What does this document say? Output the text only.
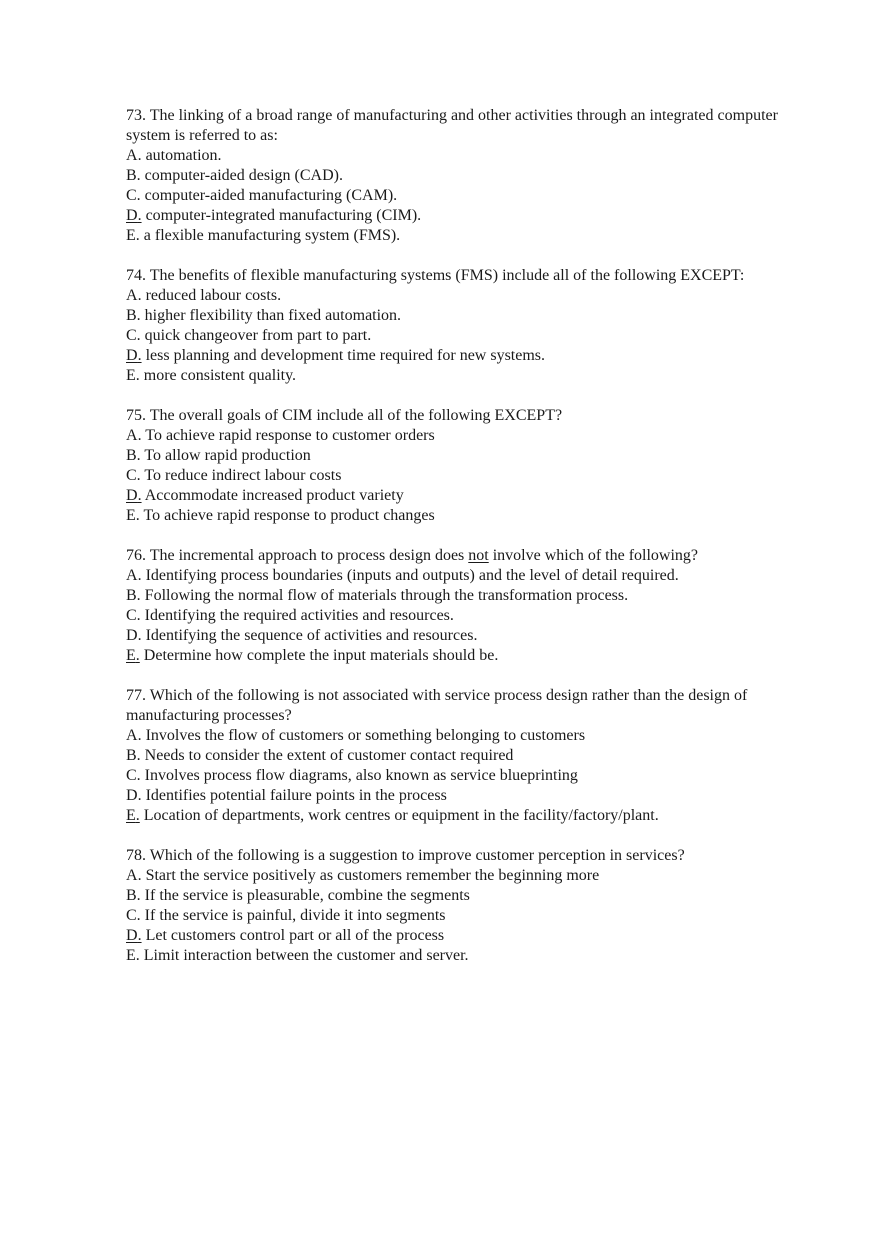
73. The linking of a broad range of manufacturing and other activities through an integrated computer system is referred to as:

A. automation.
B. computer-aided design (CAD).
C. computer-aided manufacturing (CAM).
D. computer-integrated manufacturing (CIM).
E. a flexible manufacturing system (FMS).

74. The benefits of flexible manufacturing systems (FMS) include all of the following EXCEPT:

A. reduced labour costs.
B. higher flexibility than fixed automation.
C. quick changeover from part to part.
D. less planning and development time required for new systems.
E. more consistent quality.

75. The overall goals of CIM include all of the following EXCEPT?

A. To achieve rapid response to customer orders
B. To allow rapid production
C. To reduce indirect labour costs
D. Accommodate increased product variety
E. To achieve rapid response to product changes

76. The incremental approach to process design does not involve which of the following?

A. Identifying process boundaries (inputs and outputs) and the level of detail required.
B. Following the normal flow of materials through the transformation process.
C. Identifying the required activities and resources.
D. Identifying the sequence of activities and resources.
E. Determine how complete the input materials should be.

77. Which of the following is not associated with service process design rather than the design of manufacturing processes?

A. Involves the flow of customers or something belonging to customers
B. Needs to consider the extent of customer contact required
C. Involves process flow diagrams, also known as service blueprinting
D. Identifies potential failure points in the process
E. Location of departments, work centres or equipment in the facility/factory/plant.

78. Which of the following is a suggestion to improve customer perception in services?

A. Start the service positively as customers remember the beginning more
B. If the service is pleasurable, combine the segments
C. If the service is painful, divide it into segments
D. Let customers control part or all of the process
E. Limit interaction between the customer and server.
